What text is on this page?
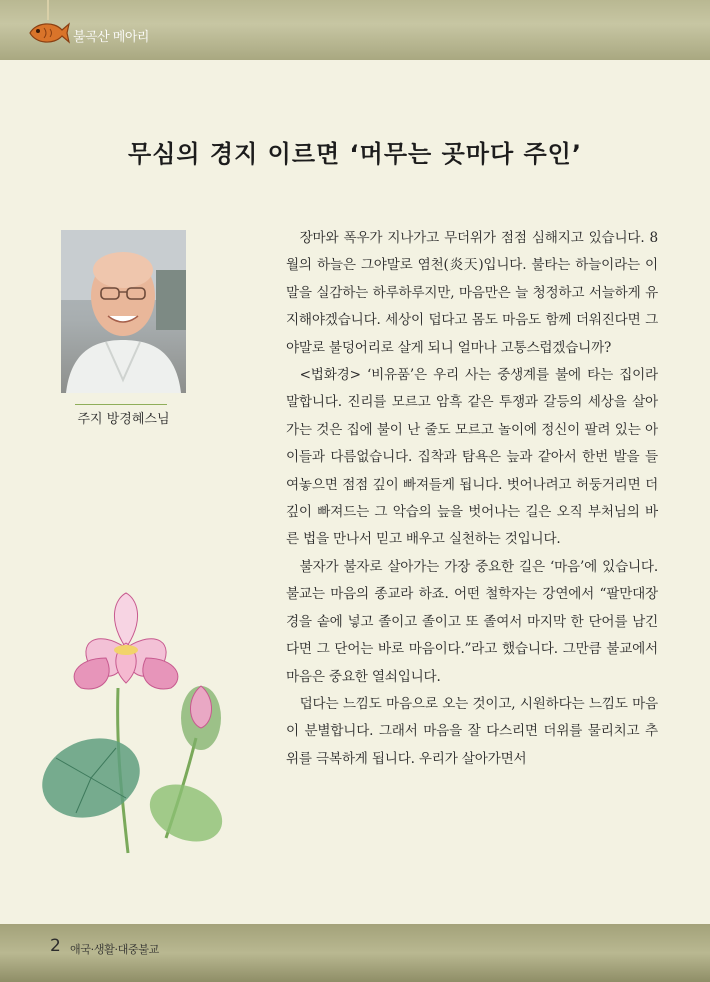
불곡산 메아리
무심의 경지 이르면 ‘머무는 곳마다 주인’
주지 방경혜스님

장마와 폭우가 지나가고 무더위가 점점 심해지고 있습니다. 8월의 하늘은 그야말로 염천(炎天)입니다. 불타는 하늘이라는 이 말을 실감하는 하루하루지만, 마음만은 늘 청정하고 서늘하게 유지해야겠습니다. 세상이 덥다고 몸도 마음도 함께 더워진다면 그야말로 불덩어리로 살게 되니 얼마나 고통스럽겠습니까?

<법화경> ‘비유품’은 우리 사는 중생계를 불에 타는 집이라 말합니다. 진리를 모르고 암흑 같은 투쟁과 갈등의 세상을 살아가는 것은 집에 불이 난 줄도 모르고 놀이에 정신이 팔려 있는 아이들과 다름없습니다. 집착과 탐욕은 늪과 같아서 한번 발을 들여놓으면 점점 깊이 빠져들게 됩니다. 벗어나려고 허둥거리면 더 깊이 빠져드는 그 악습의 늪을 벗어나는 길은 오직 부처님의 바른 법을 만나서 믿고 배우고 실천하는 것입니다.

불자가 불자로 살아가는 가장 중요한 길은 ‘마음’에 있습니다. 불교는 마음의 종교라 하죠. 어떤 철학자는 강연에서 “팔만대장경을 솥에 넣고 졸이고 졸이고 또 졸여서 마지막 한 단어를 남긴다면 그 단어는 바로 마음이다.”라고 했습니다. 그만큼 불교에서 마음은 중요한 열쇠입니다.

덥다는 느낌도 마음으로 오는 것이고, 시원하다는 느낌도 마음이 분별합니다. 그래서 마음을 잘 다스리면 더위를 물리치고 추위를 극복하게 됩니다. 우리가 살아가면서

2 애국·생활·대중불교
